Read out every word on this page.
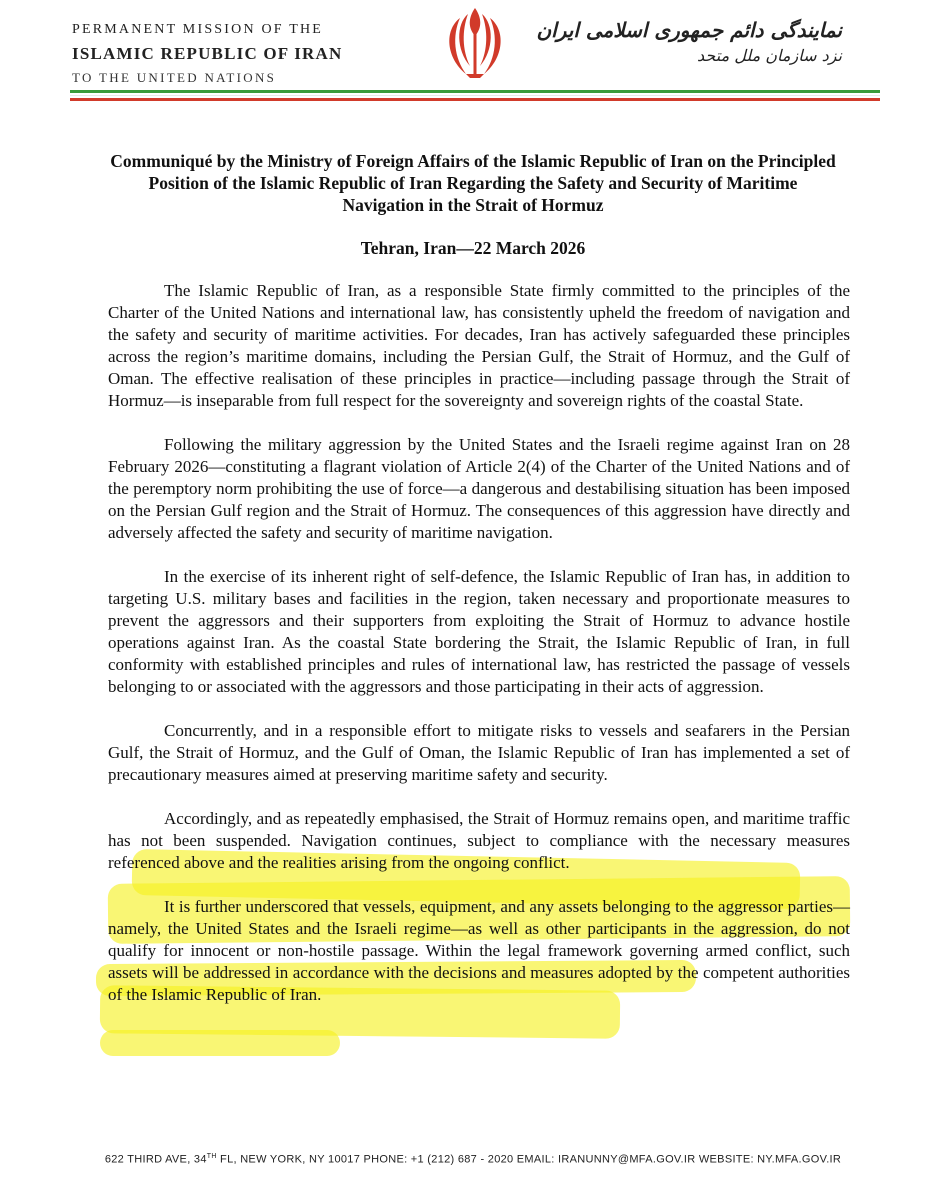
PERMANENT MISSION OF THE
ISLAMIC REPUBLIC OF IRAN
TO THE UNITED NATIONS
نمایندگی دائم جمهوری اسلامی ایران
نزد سازمان ملل متحد
Communiqué by the Ministry of Foreign Affairs of the Islamic Republic of Iran on the Principled Position of the Islamic Republic of Iran Regarding the Safety and Security of Maritime Navigation in the Strait of Hormuz
Tehran, Iran—22 March 2026

The Islamic Republic of Iran, as a responsible State firmly committed to the principles of the Charter of the United Nations and international law, has consistently upheld the freedom of navigation and the safety and security of maritime activities. For decades, Iran has actively safeguarded these principles across the region’s maritime domains, including the Persian Gulf, the Strait of Hormuz, and the Gulf of Oman. The effective realisation of these principles in practice—including passage through the Strait of Hormuz—is inseparable from full respect for the sovereignty and sovereign rights of the coastal State.

Following the military aggression by the United States and the Israeli regime against Iran on 28 February 2026—constituting a flagrant violation of Article 2(4) of the Charter of the United Nations and of the peremptory norm prohibiting the use of force—a dangerous and destabilising situation has been imposed on the Persian Gulf region and the Strait of Hormuz. The consequences of this aggression have directly and adversely affected the safety and security of maritime navigation.

In the exercise of its inherent right of self-defence, the Islamic Republic of Iran has, in addition to targeting U.S. military bases and facilities in the region, taken necessary and proportionate measures to prevent the aggressors and their supporters from exploiting the Strait of Hormuz to advance hostile operations against Iran. As the coastal State bordering the Strait, the Islamic Republic of Iran, in full conformity with established principles and rules of international law, has restricted the passage of vessels belonging to or associated with the aggressors and those participating in their acts of aggression.

Concurrently, and in a responsible effort to mitigate risks to vessels and seafarers in the Persian Gulf, the Strait of Hormuz, and the Gulf of Oman, the Islamic Republic of Iran has implemented a set of precautionary measures aimed at preserving maritime safety and security.

Accordingly, and as repeatedly emphasised, the Strait of Hormuz remains open, and maritime traffic has not been suspended. Navigation continues, subject to compliance with the necessary measures referenced above and the realities arising from the ongoing conflict.

It is further underscored that vessels, equipment, and any assets belonging to the aggressor parties—namely, the United States and the Israeli regime—as well as other participants in the aggression, do not qualify for innocent or non-hostile passage. Within the legal framework governing armed conflict, such assets will be addressed in accordance with the decisions and measures adopted by the competent authorities of the Islamic Republic of Iran.

622 THIRD AVE, 34TH FL, NEW YORK, NY 10017 PHONE: +1 (212) 687 - 2020 EMAIL: IRANUNNY@MFA.GOV.IR WEBSITE: NY.MFA.GOV.IR
